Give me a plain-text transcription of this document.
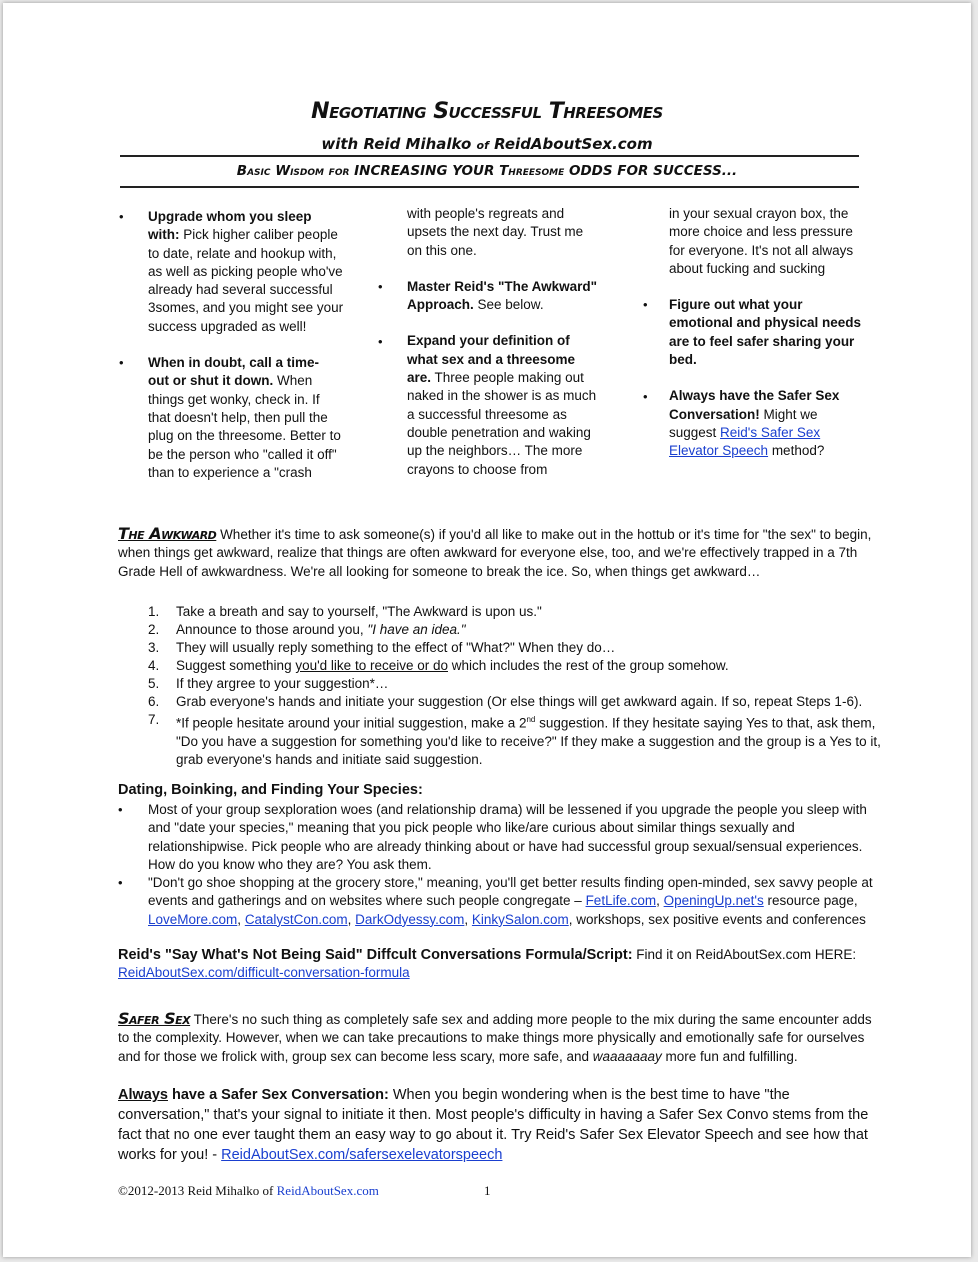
Negotiating Successful Threesomes
with Reid Mihalko of ReidAboutSex.com
Basic Wisdom for INCREASING YOUR Threesome ODDS FOR SUCCESS...
• Upgrade whom you sleep
with: Pick higher caliber people
to date, relate and hookup with,
as well as picking people who've
already had several successful
3somes, and you might see your
success upgraded as well!
• When in doubt, call a time-
out or shut it down. When
things get wonky, check in. If
that doesn't help, then pull the
plug on the threesome. Better to
be the person who "called it off"
than to experience a "crash
with people's regreats and
upsets the next day. Trust me
on this one.
• Master Reid's "The Awkward"
Approach. See below.
• Expand your definition of
what sex and a threesome
are. Three people making out
naked in the shower is as much
a successful threesome as
double penetration and waking
up the neighbors… The more
crayons to choose from
in your sexual crayon box, the
more choice and less pressure
for everyone. It's not all always
about fucking and sucking
• Figure out what your
emotional and physical needs
are to feel safer sharing your
bed.
• Always have the Safer Sex
Conversation! Might we
suggest Reid's Safer Sex
Elevator Speech method?
The Awkward Whether it's time to ask someone(s) if you'd all like to make out in the hottub or it's time for "the sex" to begin,
when things get awkward, realize that things are often awkward for everyone else, too, and we're effectively trapped in a 7th
Grade Hell of awkwardness. We're all looking for someone to break the ice. So, when things get awkward…
1. Take a breath and say to yourself, "The Awkward is upon us."
2. Announce to those around you, "I have an idea."
3. They will usually reply something to the effect of "What?" When they do…
4. Suggest something you'd like to receive or do which includes the rest of the group somehow.
5. If they argree to your suggestion*…
6. Grab everyone's hands and initiate your suggestion (Or else things will get awkward again. If so, repeat Steps 1-6).
7. *If people hesitate around your initial suggestion, make a 2nd suggestion. If they hesitate saying Yes to that, ask them,
"Do you have a suggestion for something you'd like to receive?" If they make a suggestion and the group is a Yes to it,
grab everyone's hands and initiate said suggestion.
Dating, Boinking, and Finding Your Species:
• Most of your group sexploration woes (and relationship drama) will be lessened if you upgrade the people you sleep with
and "date your species," meaning that you pick people who like/are curious about similar things sexually and
relationshipwise. Pick people who are already thinking about or have had successful group sexual/sensual experiences.
How do you know who they are? You ask them.
• "Don't go shoe shopping at the grocery store," meaning, you'll get better results finding open-minded, sex savvy people at
events and gatherings and on websites where such people congregate – FetLife.com, OpeningUp.net's resource page,
LoveMore.com, CatalystCon.com, DarkOdyessy.com, KinkySalon.com, workshops, sex positive events and conferences
Reid's "Say What's Not Being Said" Diffcult Conversations Formula/Script: Find it on ReidAboutSex.com HERE:
ReidAboutSex.com/difficult-conversation-formula
Safer Sex There's no such thing as completely safe sex and adding more people to the mix during the same encounter adds
to the complexity. However, when we can take precautions to make things more physically and emotionally safe for ourselves
and for those we frolick with, group sex can become less scary, more safe, and waaaaaaay more fun and fulfilling.
Always have a Safer Sex Conversation: When you begin wondering when is the best time to have "the
conversation," that's your signal to initiate it then. Most people's difficulty in having a Safer Sex Convo stems from the
fact that no one ever taught them an easy way to go about it. Try Reid's Safer Sex Elevator Speech and see how that
works for you! - ReidAboutSex.com/safersexelevatorspeech
©2012-2013 Reid Mihalko of ReidAboutSex.com	1
